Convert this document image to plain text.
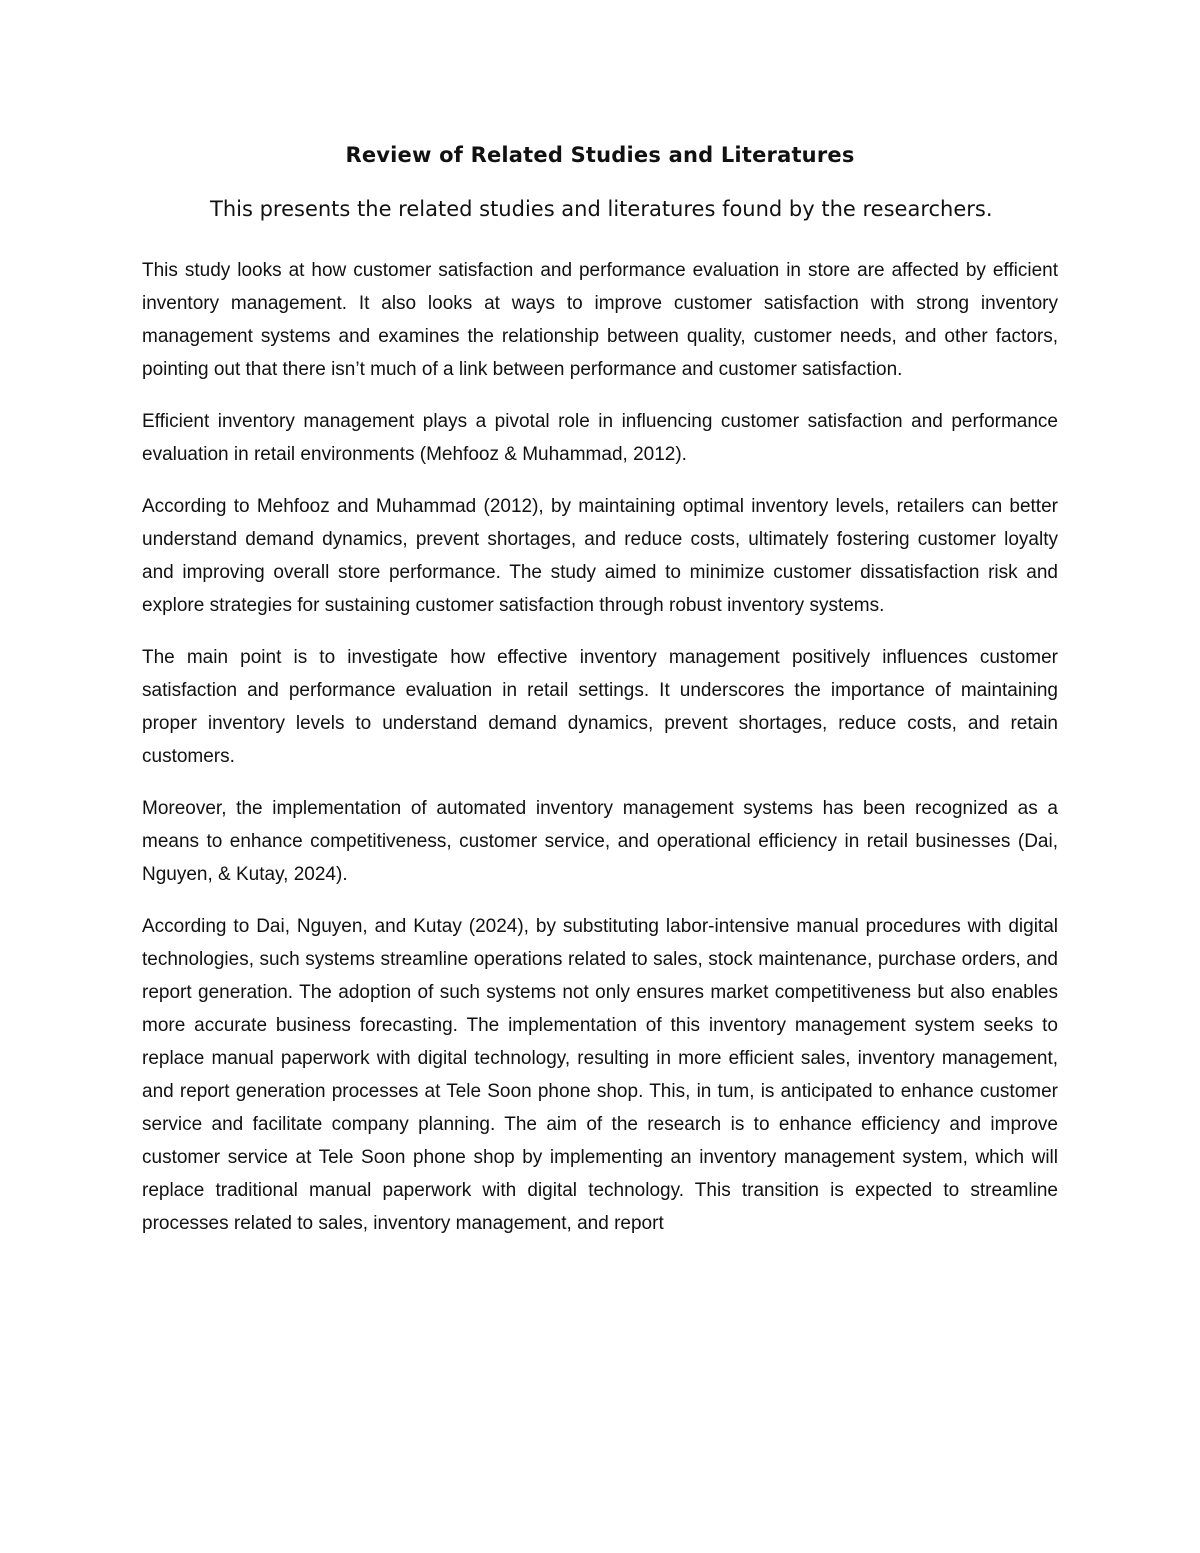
Review of Related Studies and Literatures

This presents the related studies and literatures found by the researchers.

This study looks at how customer satisfaction and performance evaluation in store are affected by efficient inventory management. It also looks at ways to improve customer satisfaction with strong inventory management systems and examines the relationship between quality, customer needs, and other factors, pointing out that there isn’t much of a link between performance and customer satisfaction.

Efficient inventory management plays a pivotal role in influencing customer satisfaction and performance evaluation in retail environments (Mehfooz & Muhammad, 2012).

According to Mehfooz and Muhammad (2012), by maintaining optimal inventory levels, retailers can better understand demand dynamics, prevent shortages, and reduce costs, ultimately fostering customer loyalty and improving overall store performance. The study aimed to minimize customer dissatisfaction risk and explore strategies for sustaining customer satisfaction through robust inventory systems.

The main point is to investigate how effective inventory management positively influences customer satisfaction and performance evaluation in retail settings. It underscores the importance of maintaining proper inventory levels to understand demand dynamics, prevent shortages, reduce costs, and retain customers.

Moreover, the implementation of automated inventory management systems has been recognized as a means to enhance competitiveness, customer service, and operational efficiency in retail businesses (Dai, Nguyen, & Kutay, 2024).

According to Dai, Nguyen, and Kutay (2024), by substituting labor-intensive manual procedures with digital technologies, such systems streamline operations related to sales, stock maintenance, purchase orders, and report generation. The adoption of such systems not only ensures market competitiveness but also enables more accurate business forecasting. The implementation of this inventory management system seeks to replace manual paperwork with digital technology, resulting in more efficient sales, inventory management, and report generation processes at Tele Soon phone shop. This, in tum, is anticipated to enhance customer service and facilitate company planning. The aim of the research is to enhance efficiency and improve customer service at Tele Soon phone shop by implementing an inventory management system, which will replace traditional manual paperwork with digital technology. This transition is expected to streamline processes related to sales, inventory management, and report
